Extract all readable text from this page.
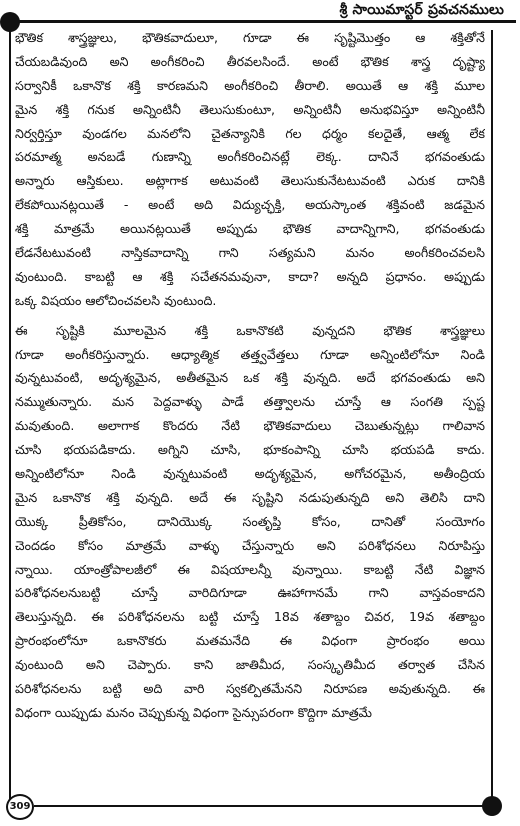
శ్రీ సాయిమాస్టర్ ప్రవచనములు
భౌతిక శాస్త్రజ్ఞులు, భౌతికవాదులూ, గూడా ఈ సృష్టిమొత్తం ఆ శక్తితోనే
చేయబడివుంది అని అంగీకరించి తీరవలసిందే. అంటే భౌతిక శాస్త్ర దృష్ట్యా
సర్వానికీ ఒకానొక శక్తి కారణమని అంగీకరించి తీరాలి. అయితే ఆ శక్తి మూల
మైన శక్తి గనుక అన్నింటినీ తెలుసుకుంటూ, అన్నింటినీ అనుభవిస్తూ అన్నింటినీ
నిర్వర్తిస్తూ వుండగల మనలోని చైతన్యానికి గల ధర్మం కలదైతే, ఆత్మ లేక
పరమాత్మ అనబడే గుణాన్ని అంగీకరించినట్లే లెక్క. దానినే భగవంతుడు
అన్నారు ఆస్తికులు. అట్లాగాక అటువంటి తెలుసుకునేటటువంటి ఎరుక దానికి
లేకపోయినట్లయితే - అంటే అది విద్యుచ్ఛక్తి, అయస్కాంత శక్తివంటి జడమైన
శక్తి మాత్రమే అయినట్లయితే అప్పుడు భౌతిక వాదాన్నిగాని, భగవంతుడు
లేడనేటటువంటి నాస్తికవాదాన్ని గాని సత్యమని మనం అంగీకరించవలసి
వుంటుంది. కాబట్టి ఆ శక్తి సచేతనమవునా, కాదా? అన్నది ప్రధానం. అప్పుడు
ఒక్క విషయం ఆలోచించవలసి వుంటుంది.
ఈ సృష్టికి మూలమైన శక్తి ఒకానొకటి వున్నదని భౌతిక శాస్త్రజ్ఞులు
గూడా అంగీకరిస్తున్నారు. ఆధ్యాత్మిక తత్త్వవేత్తలు గూడా అన్నింటిలోనూ నిండి
వున్నటువంటి, అదృశ్యమైన, అతీతమైన ఒక శక్తి వున్నది. అదే భగవంతుడు అని
నమ్ముతున్నారు. మన పెద్దవాళ్ళు పాడే తత్త్వాలను చూస్తే ఆ సంగతి స్పష్ట
మవుతుంది. అలాగాక కొందరు నేటి భౌతికవాదులు చెబుతున్నట్లు గాలివాన
చూసి భయపడికాదు. అగ్నిని చూసి, భూకంపాన్ని చూసి భయపడి కాదు.
అన్నింటిలోనూ నిండి వున్నటువంటి అదృశ్యమైన, అగోచరమైన, అతీంద్రియ
మైన ఒకానొక శక్తి వున్నది. అదే ఈ సృష్టిని నడుపుతున్నది అని తెలిసి దాని
యొక్క ప్రీతికోసం, దానియొక్క సంతృప్తి కోసం, దానితో సంయోగం
చెందడం కోసం మాత్రమే వాళ్ళు చేస్తున్నారు అని పరిశోధనలు నిరూపిస్తు
న్నాయి. యాంత్రోపాలజీలో ఈ విషయాలన్నీ వున్నాయి. కాబట్టి నేటి విజ్ఞాన
పరిశోధనలనుబట్టి చూస్తే వారిదిగూడా ఊహాగానమే గాని వాస్తవంకాదని
తెలుస్తున్నది. ఈ పరిశోధనలను బట్టి చూస్తే 18వ శతాబ్దం చివర, 19వ శతాబ్దం
ప్రారంభంలోనూ ఒకానొకరు మతమనేది ఈ విధంగా ప్రారంభం అయి
వుంటుంది అని చెప్పారు. కాని జాతిమీద, సంస్కృతిమీద తర్వాత చేసిన
పరిశోధనలను బట్టి అది వారి స్వకల్పితమేనని నిరూపణ అవుతున్నది. ఈ
విధంగా యిప్పుడు మనం చెప్పుకున్న విధంగా సైన్సుపరంగా కొద్దిగా మాత్రమే
309
